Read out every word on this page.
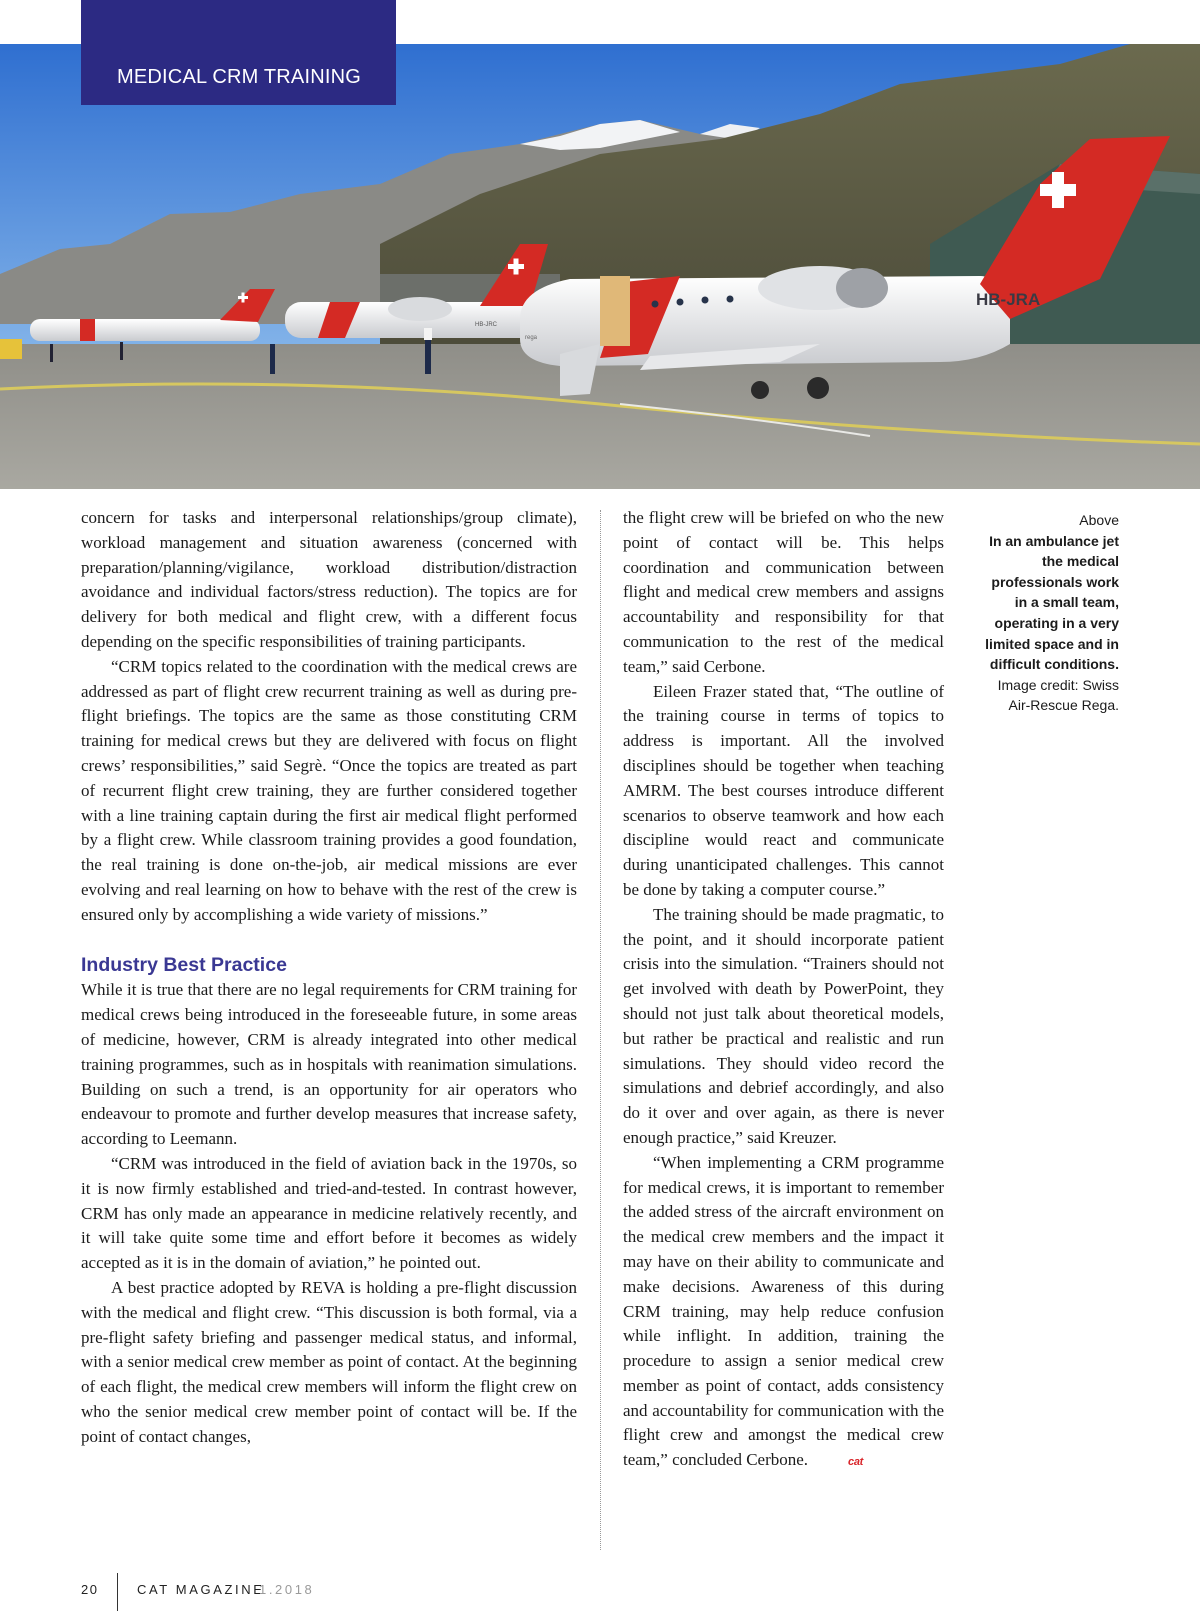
HB-JRC
HB-JRA
rega
MEDICAL CRM TRAINING

concern for tasks and interpersonal relationships/group climate), workload management and situation awareness (concerned with preparation/planning/vigilance, workload distribution/distraction avoidance and individual factors/stress reduction). The topics are for delivery for both medical and flight crew, with a different focus depending on the specific responsibilities of training participants.

“CRM topics related to the coordination with the medical crews are addressed as part of flight crew recurrent training as well as during pre-flight briefings. The topics are the same as those constituting CRM training for medical crews but they are delivered with focus on flight crews’ responsibilities,” said Segrè. “Once the topics are treated as part of recurrent flight crew training, they are further considered together with a line training captain during the first air medical flight performed by a flight crew. While classroom training provides a good foundation, the real training is done on-the-job, air medical missions are ever evolving and real learning on how to behave with the rest of the crew is ensured only by accomplishing a wide variety of missions.”

Industry Best Practice

While it is true that there are no legal requirements for CRM training for medical crews being introduced in the foreseeable future, in some areas of medicine, however, CRM is already integrated into other medical training programmes, such as in hospitals with reanimation simulations. Building on such a trend, is an opportunity for air operators who endeavour to promote and further develop measures that increase safety, according to Leemann.

“CRM was introduced in the field of aviation back in the 1970s, so it is now firmly established and tried-and-tested. In contrast however, CRM has only made an appearance in medicine relatively recently, and it will take quite some time and effort before it becomes as widely accepted as it is in the domain of aviation,” he pointed out.

A best practice adopted by REVA is holding a pre-flight discussion with the medical and flight crew. “This discussion is both formal, via a pre-flight safety briefing and passenger medical status, and informal, with a senior medical crew member as point of contact. At the beginning of each flight, the medical crew members will inform the flight crew on who the senior medical crew member point of contact will be. If the point of contact changes,

the flight crew will be briefed on who the new point of contact will be. This helps coordination and communication between flight and medical crew members and assigns accountability and responsibility for that communication to the rest of the medical team,” said Cerbone.

Eileen Frazer stated that, “The outline of the training course in terms of topics to address is important. All the involved disciplines should be together when teaching AMRM. The best courses introduce different scenarios to observe teamwork and how each discipline would react and communicate during unanticipated challenges. This cannot be done by taking a computer course.”

The training should be made pragmatic, to the point, and it should incorporate patient crisis into the simulation. “Trainers should not get involved with death by PowerPoint, they should not just talk about theoretical models, but rather be practical and realistic and run simulations. They should video record the simulations and debrief accordingly, and also do it over and over again, as there is never enough practice,” said Kreuzer.

“When implementing a CRM programme for medical crews, it is important to remember the added stress of the aircraft environment on the medical crew members and the impact it may have on their ability to communicate and make decisions. Awareness of this during CRM training, may help reduce confusion while inflight. In addition, training the procedure to assign a senior medical crew member as point of contact, adds consistency and accountability for communication with the flight crew and amongst the medical crew team,” concluded Cerbone.	cat

Above
In an ambulance jet the medical professionals work in a small team, operating in a very limited space and in difficult conditions.
Image credit: Swiss Air-Rescue Rega.
20	CAT MAGAZINE
1.2018
